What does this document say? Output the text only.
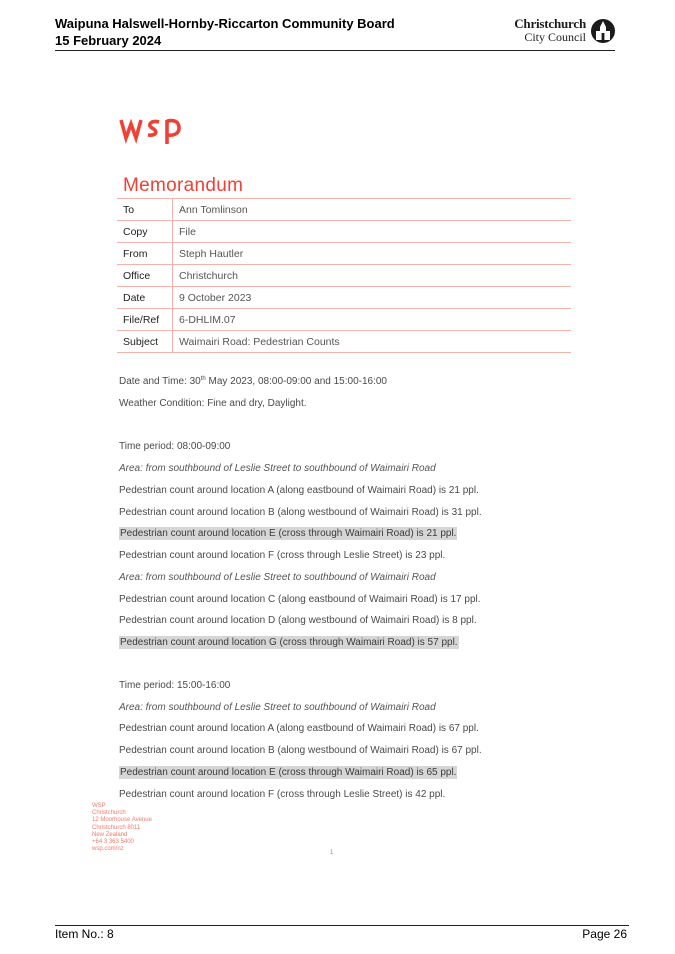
Waipuna Halswell-Hornby-Riccarton Community Board
15 February 2024
Christchurch
City Council
Memorandum
To	Ann Tomlinson
Copy	File
From	Steph Hautler
Office	Christchurch
Date	9 October 2023
File/Ref	6-DHLIM.07
Subject	Waimairi Road: Pedestrian Counts
Date and Time: 30th May 2023, 08:00-09:00 and 15:00-16:00
Weather Condition: Fine and dry, Daylight.
Time period: 08:00-09:00
Area: from southbound of Leslie Street to southbound of Waimairi Road
Pedestrian count around location A (along eastbound of Waimairi Road) is 21 ppl.
Pedestrian count around location B (along westbound of Waimairi Road) is 31 ppl.
Pedestrian count around location E (cross through Waimairi Road) is 21 ppl.
Pedestrian count around location F (cross through Leslie Street) is 23 ppl.
Area: from southbound of Leslie Street to southbound of Waimairi Road
Pedestrian count around location C (along eastbound of Waimairi Road) is 17 ppl.
Pedestrian count around location D (along westbound of Waimairi Road) is 8 ppl.
Pedestrian count around location G (cross through Waimairi Road) is 57 ppl.
Time period: 15:00-16:00
Area: from southbound of Leslie Street to southbound of Waimairi Road
Pedestrian count around location A (along eastbound of Waimairi Road) is 67 ppl.
Pedestrian count around location B (along westbound of Waimairi Road) is 67 ppl.
Pedestrian count around location E (cross through Waimairi Road) is 65 ppl.
Pedestrian count around location F (cross through Leslie Street) is 42 ppl.
WSP
Christchurch
12 Moorhouse Avenue
Christchurch 8011
New Zealand
+64 3 363 5400
wsp.com/nz
1
Item No.: 8	Page 26
